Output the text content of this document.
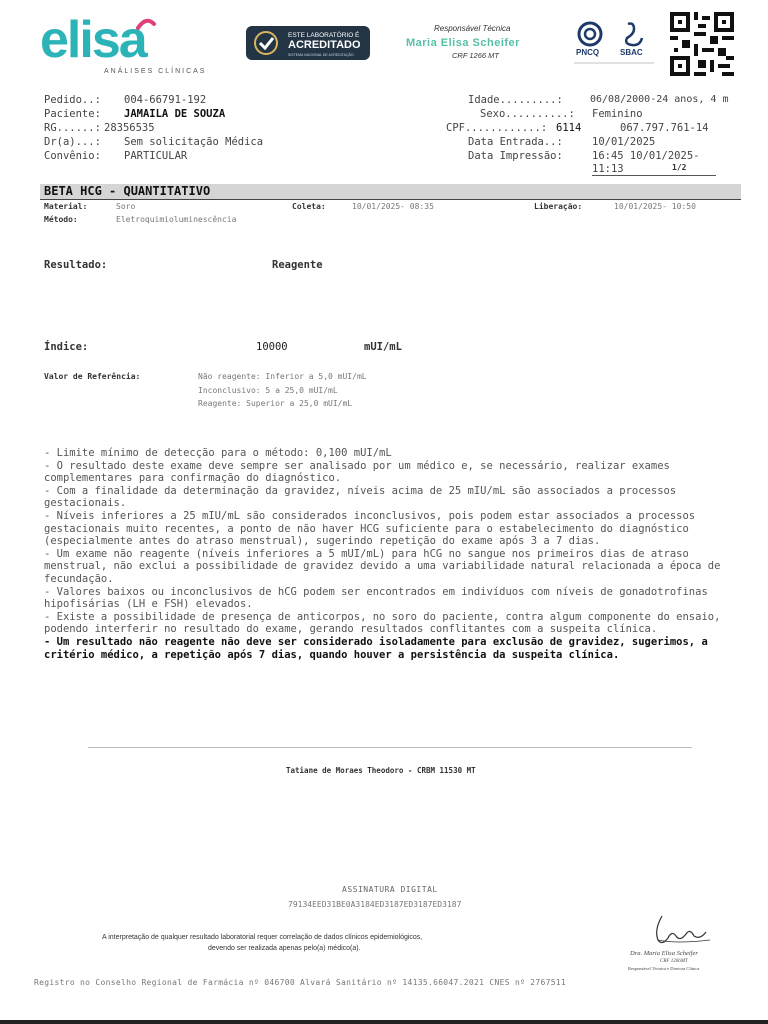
elisa
ANÁLISES CLÍNICAS
ESTE LABORATÓRIO É
ACREDITADO
SISTEMA NACIONAL DE ACREDITAÇÃO
Responsável Técnica
Maria Elisa Scheifer
CRF 1266 MT	PNCQ	SBAC
Pedido..: 004-66791-192
Paciente: JAMAILA DE SOUZA
RG......: 28356535
Dr(a)...: Sem solicitação Médica
Convênio: PARTICULAR
Idade.........:	06/08/2000-24 anos, 4 m
Sexo..........: Feminino
CPF............: 6114	067.797.761-14
Data Entrada..:	10/01/2025
Data Impressão:	16:45 10/01/2025-
11:13	1/2
BETA HCG - QUANTITATIVO
Material:	Soro	Coleta:	10/01/2025- 08:35	Liberação:	10/01/2025- 10:50
Método:	Eletroquimioluminescência
Resultado:	Reagente
Índice:	10000	mUI/mL
Valor de Referência:	Não reagente: Inferior a 5,0 mUI/mL
Inconclusivo: 5 a 25,0 mUI/mL
Reagente: Superior a 25,0 mUI/mL

- Limite mínimo de detecção para o método: 0,100 mUI/mL

- O resultado deste exame deve sempre ser analisado por um médico e, se necessário, realizar exames complementares para confirmação do diagnóstico.

- Com a finalidade da determinação da gravidez, níveis acima de 25 mIU/mL são associados a processos gestacionais.

- Níveis inferiores a 25 mIU/mL são considerados inconclusivos, pois podem estar associados a processos gestacionais muito recentes, a ponto de não haver HCG suficiente para o estabelecimento do diagnóstico (especialmente antes do atraso menstrual), sugerindo repetição do exame após 3 a 7 dias.

- Um exame não reagente (níveis inferiores a 5 mUI/mL) para hCG no sangue nos primeiros dias de atraso menstrual, não exclui a possibilidade de gravidez devido a uma variabilidade natural relacionada a época de fecundação.

- Valores baixos ou inconclusivos de hCG podem ser encontrados em indivíduos com níveis de gonadotrofinas hipofisárias (LH e FSH) elevados.

- Existe a possibilidade de presença de anticorpos, no soro do paciente, contra algum componente do ensaio, podendo interferir no resultado do exame, gerando resultados conflitantes com a suspeita clínica.

- Um resultado não reagente não deve ser considerado isoladamente para exclusão de gravidez, sugerimos, a critério médico, a repetição após 7 dias, quando houver a persistência da suspeita clínica.

Tatiane de Moraes Theodoro - CRBM 11530 MT
ASSINATURA DIGITAL
79134EED31BE0A3184ED3187ED3187ED3187
A interpretação de qualquer resultado laboratorial requer correlação de dados clínicos epidemiológicos,
devendo ser realizada apenas pelo(a) médico(a).
Dra. Maria Elisa Scheifer
CRF 1266MT
Responsável Técnica e Diretora Clínica
Registro no Conselho Regional de Farmácia nº 046700 Alvará Sanitário nº 14135.66047.2021 CNES nº 2767511
